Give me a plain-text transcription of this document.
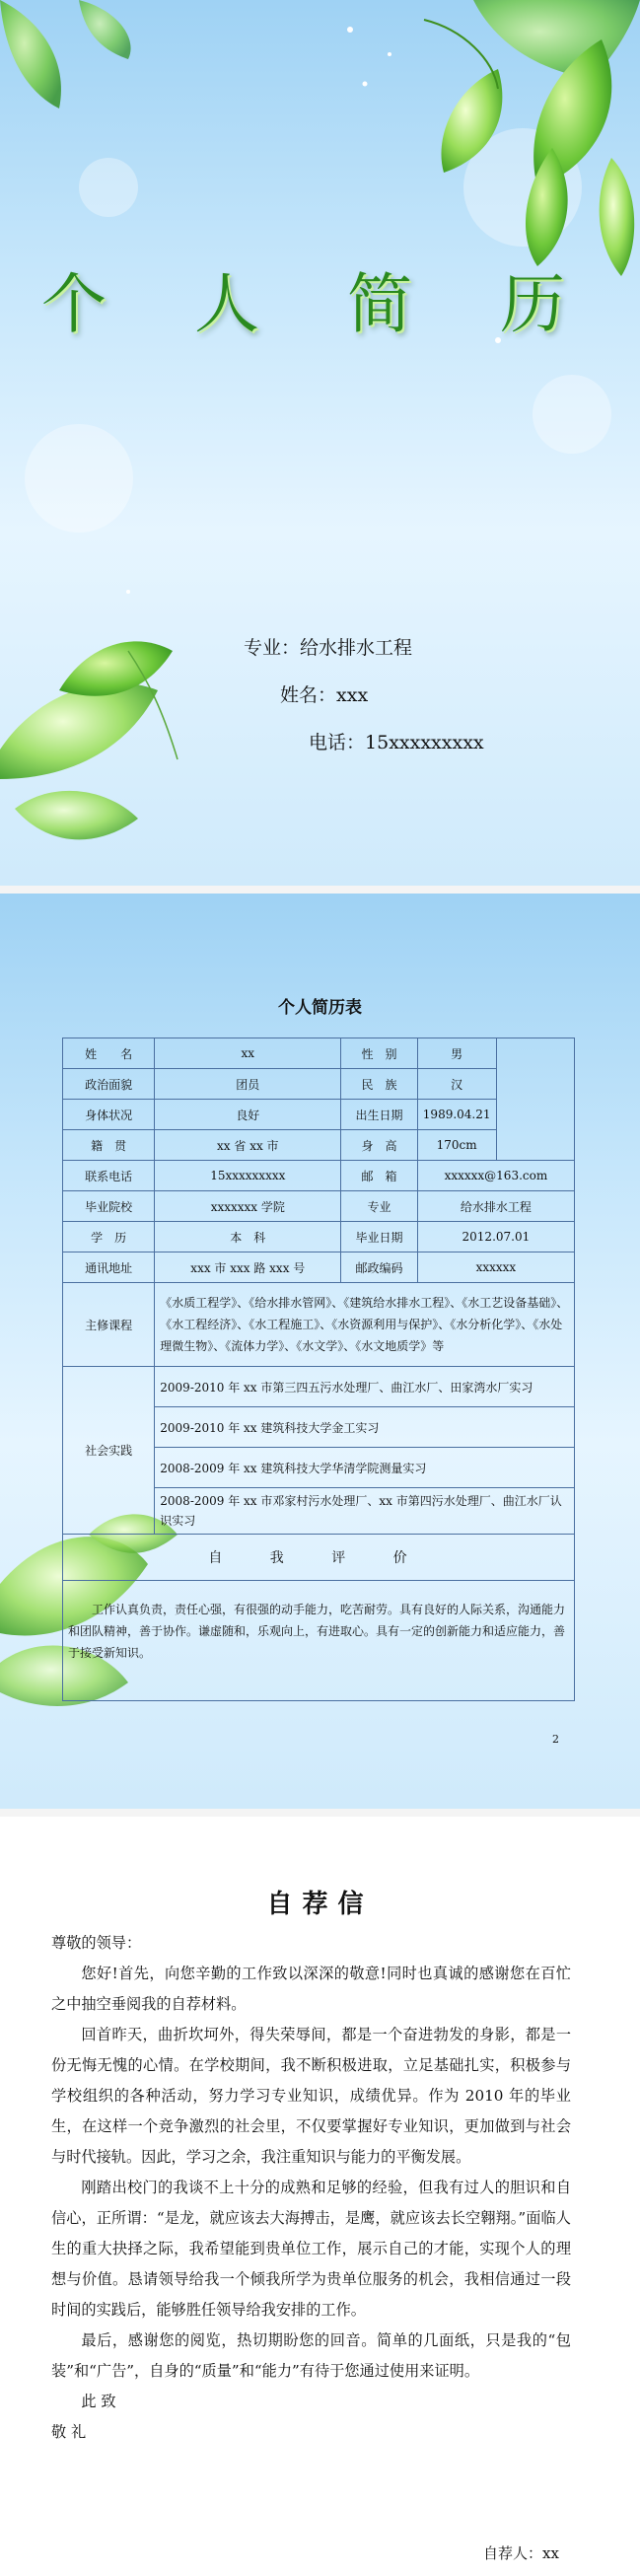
个 人 简 历
专业：给水排水工程
姓名：xxx
电话：15xxxxxxxxx
个人简历表
姓　　名	xx	性　别	男	
政治面貌	团员	民　族	汉	
身体状况	良好	出生日期	1989.04.21	
籍　贯	xx 省 xx 市	身　高	170cm	
联系电话	15xxxxxxxxx	邮　箱	xxxxxx@163.com	
毕业院校	xxxxxxx 学院	专业	给水排水工程	
学　历	本　科	毕业日期	2012.07.01	
通讯地址	xxx 市 xxx 路 xxx 号	邮政编码	xxxxxx	
主修课程	《水质工程学》、《给水排水管网》、《建筑给水排水工程》、《水工艺设备基础》、《水工程经济》、《水工程施工》、《水资源利用与保护》、《水分析化学》、《水处理微生物》、《流体力学》、《水文学》、《水文地质学》等			
社会实践	2009-2010 年 xx 市第三四五污水处理厂、曲江水厂、田家湾水厂实习			
	2009-2010 年 xx 建筑科技大学金工实习			
	2008-2009 年 xx 建筑科技大学华清学院测量实习			
	2008-2009 年 xx 市邓家村污水处理厂、xx 市第四污水处理厂、曲江水厂认识实习			
自 我 评 价				
工作认真负责，责任心强，有很强的动手能力，吃苦耐劳。具有良好的人际关系，沟通能力和团队精神，善于协作。谦虚随和，乐观向上，有进取心。具有一定的创新能力和适应能力，善于接受新知识。				
2
自荐信

尊敬的领导：

您好!首先，向您辛勤的工作致以深深的敬意!同时也真诚的感谢您在百忙之中抽空垂阅我的自荐材料。

回首昨天，曲折坎坷外，得失荣辱间，都是一个奋进勃发的身影，都是一份无悔无愧的心情。在学校期间，我不断积极进取，立足基础扎实，积极参与学校组织的各种活动，努力学习专业知识，成绩优异。作为 2010 年的毕业生，在这样一个竞争激烈的社会里，不仅要掌握好专业知识，更加做到与社会与时代接轨。因此，学习之余，我注重知识与能力的平衡发展。

刚踏出校门的我谈不上十分的成熟和足够的经验，但我有过人的胆识和自信心，正所谓：“是龙，就应该去大海搏击，是鹰，就应该去长空翱翔。”面临人生的重大抉择之际，我希望能到贵单位工作，展示自己的才能，实现个人的理想与价值。恳请领导给我一个倾我所学为贵单位服务的机会，我相信通过一段时间的实践后，能够胜任领导给我安排的工作。

最后，感谢您的阅览，热切期盼您的回音。简单的几面纸，只是我的“包装”和“广告”，自身的“质量”和“能力”有待于您通过使用来证明。

此 致

敬 礼

自荐人：xx
